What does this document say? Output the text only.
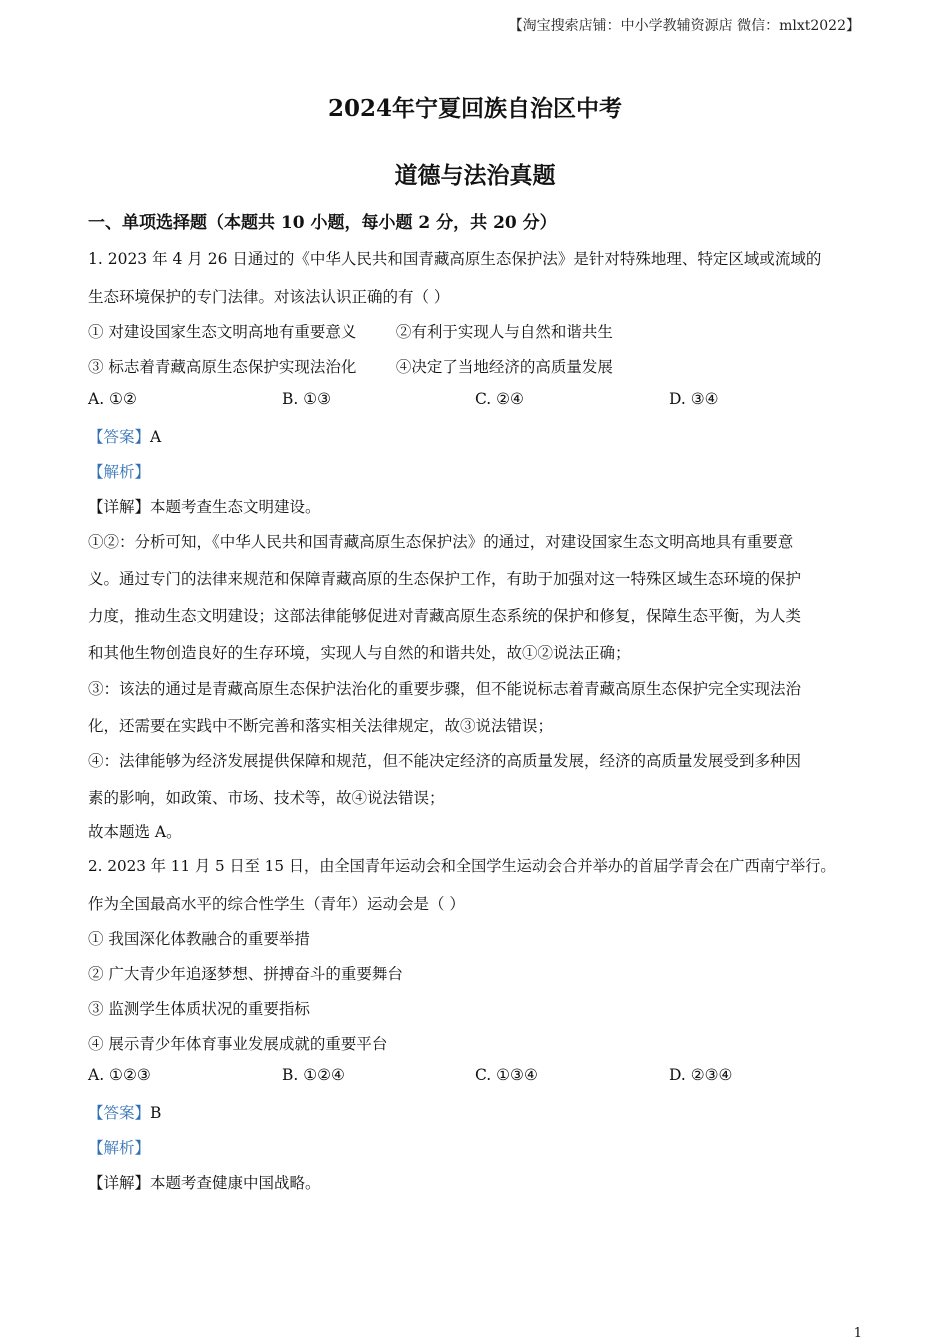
【淘宝搜索店铺：中小学教辅资源店 微信：mlxt2022】
2024年宁夏回族自治区中考
道德与法治真题
一、单项选择题（本题共 10 小题，每小题 2 分，共 20 分）
1. 2023 年 4 月 26 日通过的《中华人民共和国青藏高原生态保护法》是针对特殊地理、特定区域或流域的
生态环境保护的专门法律。对该法认识正确的有（ ）
① 对建设国家生态文明高地有重要意义        ②有利于实现人与自然和谐共生
③ 标志着青藏高原生态保护实现法治化        ④决定了当地经济的高质量发展
A. ①②	B. ①③	C. ②④	D. ③④
【答案】A
【解析】
【详解】本题考查生态文明建设。
①②：分析可知，《中华人民共和国青藏高原生态保护法》的通过，对建设国家生态文明高地具有重要意
义。通过专门的法律来规范和保障青藏高原的生态保护工作，有助于加强对这一特殊区域生态环境的保护
力度，推动生态文明建设；这部法律能够促进对青藏高原生态系统的保护和修复，保障生态平衡，为人类
和其他生物创造良好的生存环境，实现人与自然的和谐共处，故①②说法正确；
③：该法的通过是青藏高原生态保护法治化的重要步骤，但不能说标志着青藏高原生态保护完全实现法治
化，还需要在实践中不断完善和落实相关法律规定，故③说法错误；
④：法律能够为经济发展提供保障和规范，但不能决定经济的高质量发展，经济的高质量发展受到多种因
素的影响，如政策、市场、技术等，故④说法错误；
故本题选 A。
2. 2023 年 11 月 5 日至 15 日，由全国青年运动会和全国学生运动会合并举办的首届学青会在广西南宁举行。
作为全国最高水平的综合性学生（青年）运动会是（ ）
① 我国深化体教融合的重要举措
② 广大青少年追逐梦想、拼搏奋斗的重要舞台
③ 监测学生体质状况的重要指标
④ 展示青少年体育事业发展成就的重要平台
A. ①②③	B. ①②④	C. ①③④	D. ②③④
【答案】B
【解析】
【详解】本题考查健康中国战略。
1
